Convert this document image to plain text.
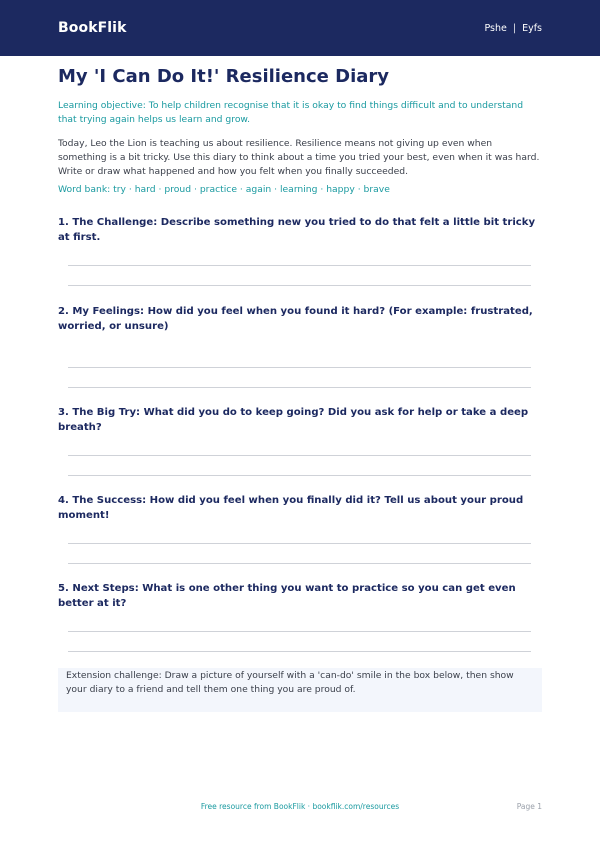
BookFlik	Pshe | Eyfs
My 'I Can Do It!' Resilience Diary
Learning objective: To help children recognise that it is okay to find things difficult and to understand that trying again helps us learn and grow.
Today, Leo the Lion is teaching us about resilience. Resilience means not giving up even when something is a bit tricky. Use this diary to think about a time you tried your best, even when it was hard. Write or draw what happened and how you felt when you finally succeeded.
Word bank: try · hard · proud · practice · again · learning · happy · brave
1. The Challenge: Describe something new you tried to do that felt a little bit tricky at first.
2. My Feelings: How did you feel when you found it hard? (For example: frustrated, worried, or unsure)
3. The Big Try: What did you do to keep going? Did you ask for help or take a deep breath?
4. The Success: How did you feel when you finally did it? Tell us about your proud moment!
5. Next Steps: What is one other thing you want to practice so you can get even better at it?
Extension challenge: Draw a picture of yourself with a 'can-do' smile in the box below, then show your diary to a friend and tell them one thing you are proud of.
Free resource from BookFlik · bookflik.com/resources	Page 1
